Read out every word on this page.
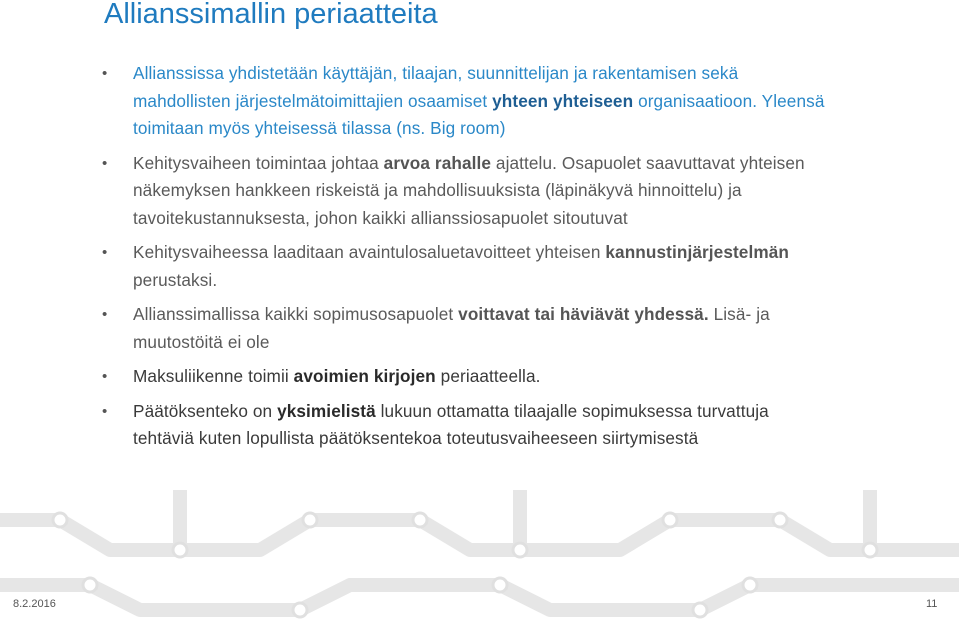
Allianssimallin periaatteita
• Allianssissa yhdistetään käyttäjän, tilaajan, suunnittelijan ja rakentamisen sekä mahdollisten järjestelmätoimittajien osaamiset yhteen yhteiseen organisaatioon. Yleensä toimitaan myös yhteisessä tilassa (ns. Big room)
• Kehitysvaiheen toimintaa johtaa arvoa rahalle ajattelu. Osapuolet saavuttavat yhteisen näkemyksen hankkeen riskeistä ja mahdollisuuksista (läpinäkyvä hinnoittelu) ja tavoitekustannuksesta, johon kaikki allianssiosapuolet sitoutuvat
• Kehitysvaiheessa laaditaan avaintulosaluetavoitteet yhteisen kannustinjärjestelmän perustaksi.
• Allianssimallissa kaikki sopimusosapuolet voittavat tai häviävät yhdessä. Lisä- ja muutostöitä ei ole
• Maksuliikenne toimii avoimien kirjojen periaatteella.
• Päätöksenteko on yksimielistä lukuun ottamatta tilaajalle sopimuksessa turvattuja tehtäviä kuten lopullista päätöksentekoa toteutusvaiheeseen siirtymisestä
8.2.2016	11
